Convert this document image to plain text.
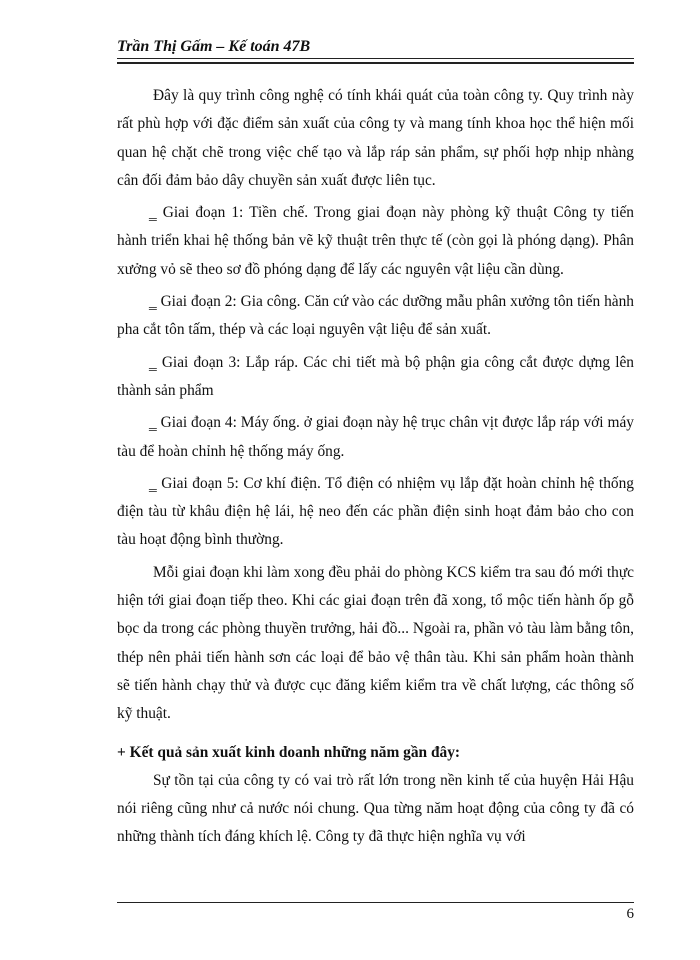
Trần Thị Gấm – Kế toán 47B

Đây là quy trình công nghệ có tính khái quát của toàn công ty. Quy trình này rất phù hợp với đặc điểm sản xuất của công ty và mang tính khoa học thể hiện mối quan hệ chặt chẽ trong việc chế tạo và lắp ráp sản phẩm, sự phối hợp nhịp nhàng cân đối đảm bảo dây chuyền sản xuất được liên tục.

‗ Giai đoạn 1: Tiền chế. Trong giai đoạn này phòng kỹ thuật Công ty tiến hành triển khai hệ thống bản vẽ kỹ thuật trên thực tế (còn gọi là phóng dạng). Phân xưởng vỏ sẽ theo sơ đồ phóng dạng để lấy các nguyên vật liệu cần dùng.

‗ Giai đoạn 2: Gia công. Căn cứ vào các dưỡng mẫu phân xưởng tôn tiến hành pha cắt tôn tấm, thép và các loại nguyên vật liệu để sản xuất.

‗ Giai đoạn 3: Lắp ráp. Các chi tiết mà bộ phận gia công cắt được dựng lên thành sản phẩm

‗ Giai đoạn 4: Máy ống. ở giai đoạn này hệ trục chân vịt được lắp ráp với máy tàu để hoàn chỉnh hệ thống máy ống.

‗ Giai đoạn 5: Cơ khí điện. Tổ điện có nhiệm vụ lắp đặt hoàn chỉnh hệ thống điện tàu từ khâu điện hệ lái, hệ neo đến các phần điện sinh hoạt đảm bảo cho con tàu hoạt động bình thường.

Mỗi giai đoạn khi làm xong đều phải do phòng KCS kiểm tra sau đó mới thực hiện tới giai đoạn tiếp theo. Khi các giai đoạn trên đã xong, tổ mộc tiến hành ốp gỗ bọc da trong các phòng thuyền trưởng, hải đồ... Ngoài ra, phần vỏ tàu làm bằng tôn, thép nên phải tiến hành sơn các loại để bảo vệ thân tàu. Khi sản phẩm hoàn thành sẽ tiến hành chạy thử và được cục đăng kiểm kiểm tra về chất lượng, các thông số kỹ thuật.

+ Kết quả sản xuất kinh doanh những năm gần đây:

Sự tồn tại của công ty có vai trò rất lớn trong nền kinh tế của huyện Hải Hậu nói riêng cũng như cả nước nói chung. Qua từng năm hoạt động của công ty đã có những thành tích đáng khích lệ. Công ty đã thực hiện nghĩa vụ với

6
